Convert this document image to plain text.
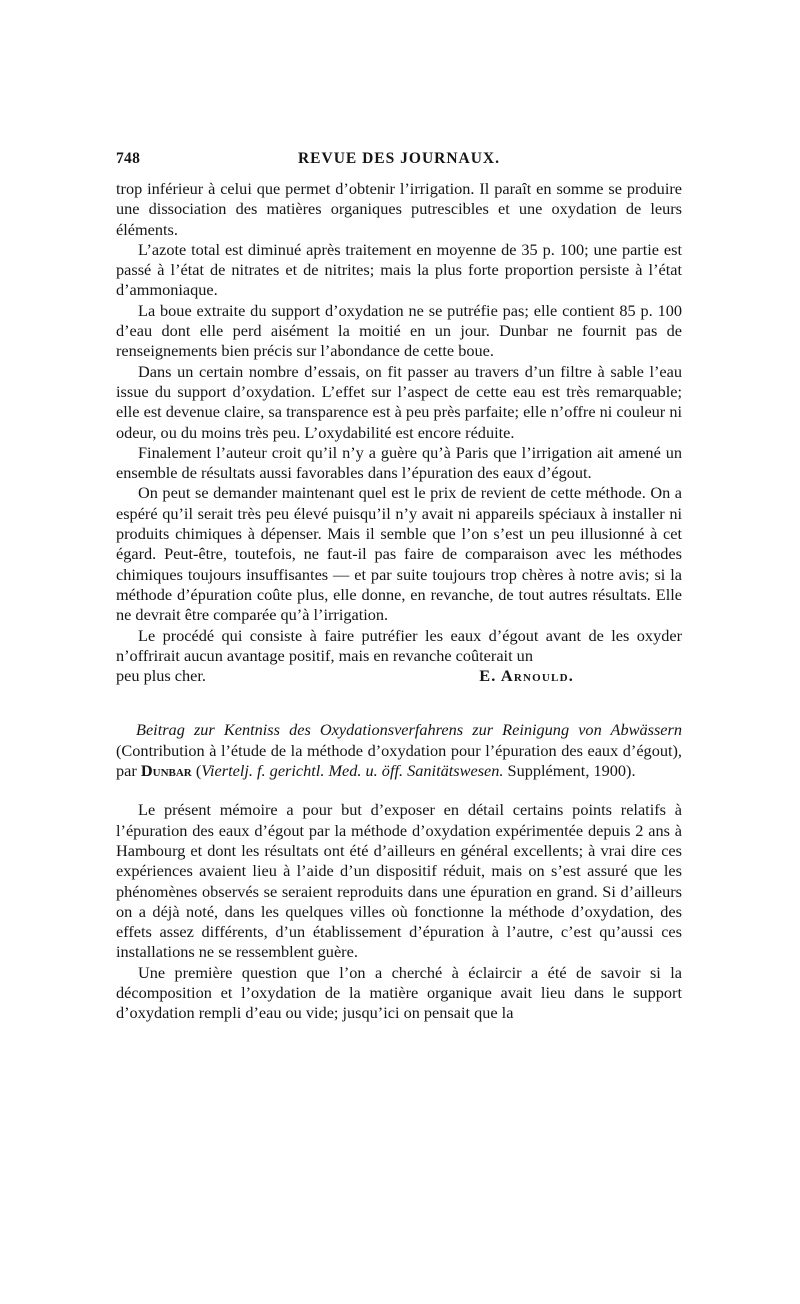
748	REVUE DES JOURNAUX.

trop inférieur à celui que permet d’obtenir l’irrigation. Il paraît en somme se produire une dissociation des matières organiques putrescibles et une oxydation de leurs éléments.

L’azote total est diminué après traitement en moyenne de 35 p. 100; une partie est passé à l’état de nitrates et de nitrites; mais la plus forte proportion persiste à l’état d’ammoniaque.

La boue extraite du support d’oxydation ne se putréfie pas; elle contient 85 p. 100 d’eau dont elle perd aisément la moitié en un jour. Dunbar ne fournit pas de renseignements bien précis sur l’abondance de cette boue.

Dans un certain nombre d’essais, on fit passer au travers d’un filtre à sable l’eau issue du support d’oxydation. L’effet sur l’aspect de cette eau est très remarquable; elle est devenue claire, sa transparence est à peu près parfaite; elle n’offre ni couleur ni odeur, ou du moins très peu. L’oxydabilité est encore réduite.

Finalement l’auteur croit qu’il n’y a guère qu’à Paris que l’irrigation ait amené un ensemble de résultats aussi favorables dans l’épuration des eaux d’égout.

On peut se demander maintenant quel est le prix de revient de cette méthode. On a espéré qu’il serait très peu élevé puisqu’il n’y avait ni appareils spéciaux à installer ni produits chimiques à dépenser. Mais il semble que l’on s’est un peu illusionné à cet égard. Peut-être, toutefois, ne faut-il pas faire de comparaison avec les méthodes chimiques toujours insuffisantes — et par suite toujours trop chères à notre avis; si la méthode d’épuration coûte plus, elle donne, en revanche, de tout autres résultats. Elle ne devrait être comparée qu’à l’irrigation.

Le procédé qui consiste à faire putréfier les eaux d’égout avant de les oxyder n’offrirait aucun avantage positif, mais en revanche coûterait un

peu plus cher.	E. Arnould.

Beitrag zur Kentniss des Oxydationsverfahrens zur Reinigung von Abwässern (Contribution à l’étude de la méthode d’oxydation pour l’épuration des eaux d’égout), par Dunbar (Viertelj. f. gerichtl. Med. u. öff. Sanitätswesen. Supplément, 1900).

Le présent mémoire a pour but d’exposer en détail certains points relatifs à l’épuration des eaux d’égout par la méthode d’oxydation expérimentée depuis 2 ans à Hambourg et dont les résultats ont été d’ailleurs en général excellents; à vrai dire ces expériences avaient lieu à l’aide d’un dispositif réduit, mais on s’est assuré que les phénomènes observés se seraient reproduits dans une épuration en grand. Si d’ailleurs on a déjà noté, dans les quelques villes où fonctionne la méthode d’oxydation, des effets assez différents, d’un établissement d’épuration à l’autre, c’est qu’aussi ces installations ne se ressemblent guère.

Une première question que l’on a cherché à éclaircir a été de savoir si la décomposition et l’oxydation de la matière organique avait lieu dans le support d’oxydation rempli d’eau ou vide; jusqu’ici on pensait que la
